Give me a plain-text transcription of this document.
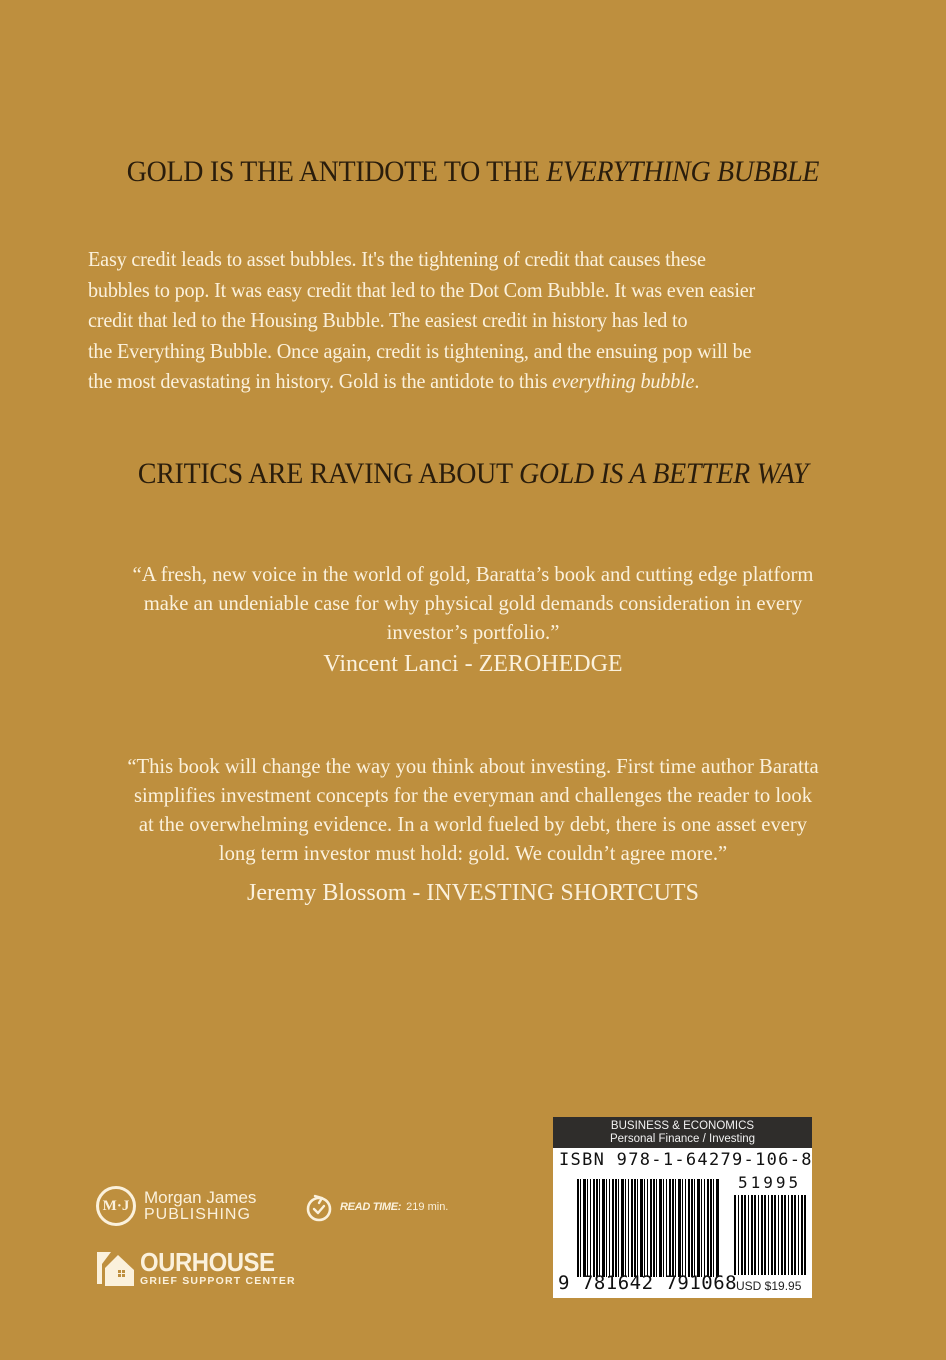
GOLD IS THE ANTIDOTE TO THE EVERYTHING BUBBLE
Easy credit leads to asset bubbles. It's the tightening of credit that causes these
bubbles to pop. It was easy credit that led to the Dot Com Bubble. It was even easier
credit that led to the Housing Bubble. The easiest credit in history has led to
the Everything Bubble. Once again, credit is tightening, and the ensuing pop will be
the most devastating in history. Gold is the antidote to this everything bubble.
CRITICS ARE RAVING ABOUT GOLD IS A BETTER WAY
“A fresh, new voice in the world of gold, Baratta’s book and cutting edge platform
make an undeniable case for why physical gold demands consideration in every
investor’s portfolio.”
Vincent Lanci - ZEROHEDGE
“This book will change the way you think about investing. First time author Baratta
simplifies investment concepts for the everyman and challenges the reader to look
at the overwhelming evidence. In a world fueled by debt, there is one asset every
long term investor must hold: gold. We couldn’t agree more.”
Jeremy Blossom - INVESTING SHORTCUTS
M·J Morgan James
PUBLISHING	READ TIME: 219 min.
OURHOUSE
GRIEF SUPPORT CENTER
BUSINESS & ECONOMICS
Personal Finance / Investing
ISBN 978-1-64279-106-8
51995
9 781642 791068
USD $19.95
